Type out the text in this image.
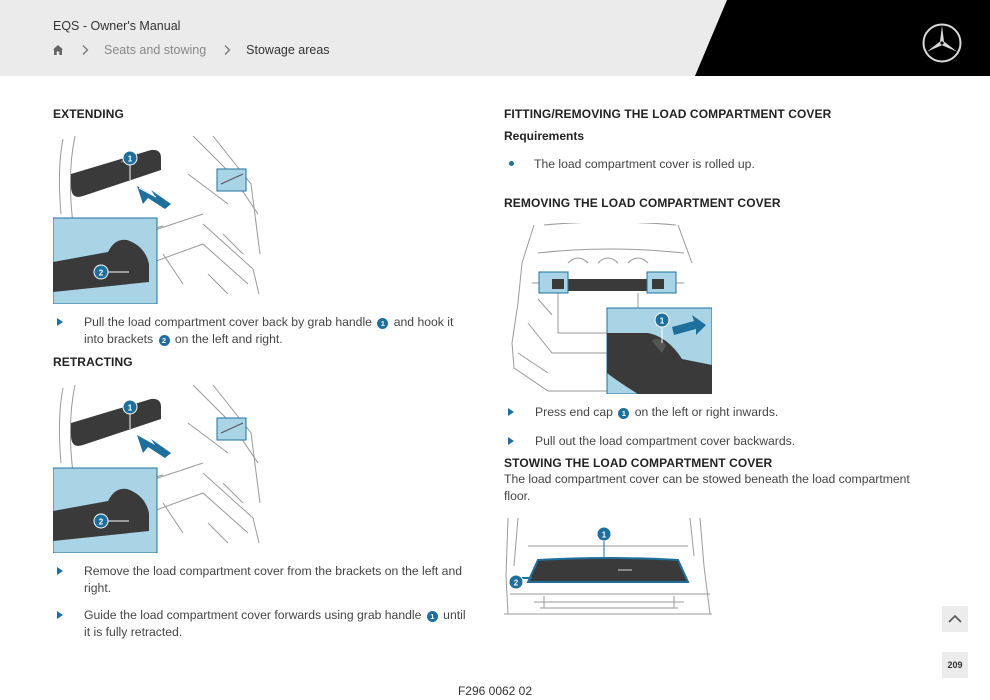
EQS - Owner's Manual
Seats and stowing	Stowage areas
EXTENDING
1
2
Pull the load compartment cover back by grab handle 1 and hook it into brackets 2 on the left and right.
RETRACTING
1
2
Remove the load compartment cover from the brackets on the left and right.
Guide the load compartment cover forwards using grab handle 1 until it is fully retracted.
FITTING/REMOVING THE LOAD COMPARTMENT COVER
Requirements
The load compartment cover is rolled up.
REMOVING THE LOAD COMPARTMENT COVER
1
Press end cap 1 on the left or right inwards.
Pull out the load compartment cover backwards.
STOWING THE LOAD COMPARTMENT COVER
The load compartment cover can be stowed beneath the load compartment floor.
1
2
F296 0062 02
209
